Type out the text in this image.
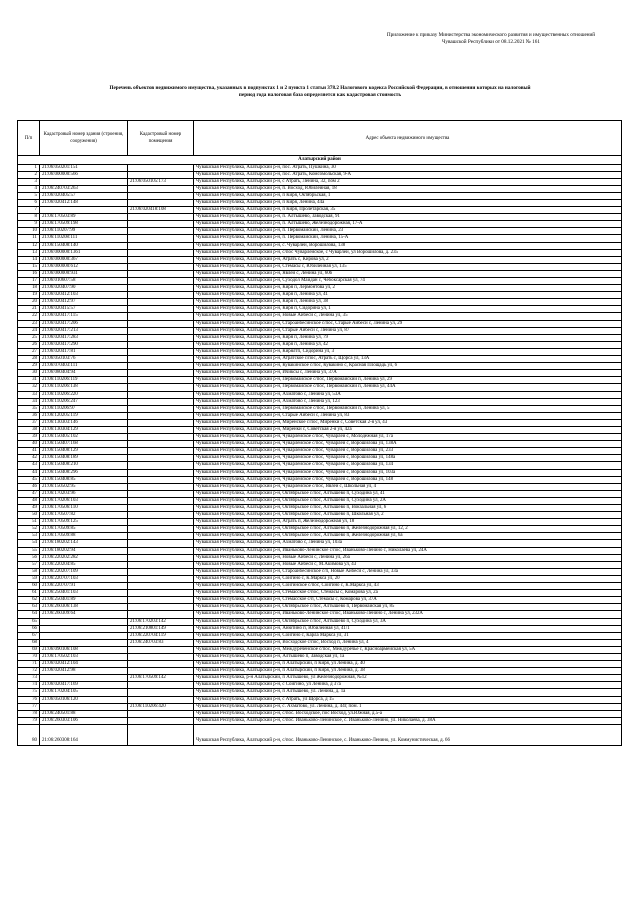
Приложение к приказу Министерства экономического развития и имущественных отношений
Чувашской Республики от 08.12.2021 № 161
Перечень объектов недвижимого имущества, указанных в подпунктах 1 и 2 пункта 1 статьи 378.2 Налогового кодекса Российской Федерации, в отношении которых на налоговый
период года налоговая база определяется как кадастровая стоимость
П/п	Кадастровый номер здания (строения, сооружения)	Кадастровый номер помещения	Адрес объекта недвижимого имущества
Алатырский район			
1	21:06:050201:151		Чувашская Республика, Алатырский р-н, пос. Атрать, Пушкина, 30
2	21:06:000000:566		Чувашская Республика, Алатырский р-н, пос. Атрать, Комсомольская, 9-А
3		21:06:050105:173	Чувашская Республика, Алатырский р-н, с Атрать, Ленина, 32, пом 2
4	21:06:240703:263		Чувашская Республика, Алатырский р-н, п. Восход, Юбилейная, 18
5	21:06:020405:57		Чувашская Республика, Алатырский р-н, п Киря, Октябрьская, 1
6	21:06:020412:148		Чувашская Республика, Алатырский р-н, п Киря, Ленина, 44а
7		21:06:020418:108	Чувашская Республика, Алатырский р-н, п Киря, Пролетарская, 35
8	21:06:170503:89		Чувашская Республика, Алатырский р-н, п. Алтышево, Заводская, 91
9	21:06:170509:198		Чувашская Республика, Алатырский р-н, п. Алтышево, Железнодорожная, 17-А
10	21:06:110207:99		Чувашская Республика, Алатырский р-н, п. Первомайский, Ленина, 23
11	21:06:110208:111		Чувашская Республика, Алатырский р-н, п. Первомайский, Ленина, 15-А
12	21:06:150408:140		Чувашская Республика, Алатырский р-н, с. Чуварлеи, Ворошилова, 138
13	21:06:000000:1361		Чувашская Республика, Алатырский р-н, с/пос Чуварлейское, с Чуварлеи, ул Ворошилова, д. 235
14	21:06:000000:367		Чувашская Республика, Алатырский р-н, Атрать с, Кирова ул, 2
15	21:06:000000:612		Чувашская Республика, Алатырский р-н, Стемасы с, Юбилейная ул, 135
16	21:06:000000:931		Чувашская Республика, Алатырский р-н, Явлеи с, Ленина ул, 60б
17	21:06:010607:58		Чувашская Республика, Алатырский р-н, Суходол Майдан с, Чебоксарская ул, 74
18	21:06:020407:90		Чувашская Республика, Алатырский р-н, Киря п, Лермонтова ул, 2
19	21:06:020412:103		Чувашская Республика, Алатырский р-н, Киря п, Ленина ул, 41
20	21:06:020412:97		Чувашская Республика, Алатырский р-н, Киря п, Ленина ул, 38
21	21:06:020415:57		Чувашская Республика, Алатырский р-н, Киря п, Сидорина ул, 1
22	21:06:020417:115		Чувашская Республика, Алатырский р-н, Новые Айбеси с, Ленина ул, 35
23	21:06:020417:206		Чувашская Республика, Алатырский р-н, Староайбесинское с/пос, Старые Айбеси с, Ленина ул, 29
24	21:06:020417:213		Чувашская Республика, Алатырский р-н, Старые Айбеси с, Ленина ул, 87
25	21:06:020417:283		Чувашская Республика, Алатырский р-н, Киря п, Ленина ул, 79
26	21:06:020417:290		Чувашская Республика, Алатырский р-н, Киря п, Ленина ул, 42
27	21:06:020417:81		Чувашская Республика, Алатырский р-н, Кирялтп, Сидорина ул, 3
28	21:06:050103:76		Чувашская Республика, Алатырский р-н, Атратское с/пос, Атрать с, Щорса ул, 13А
29	21:06:070403:111		Чувашская Республика, Алатырский р-н, Кувакинское с/пос, Кувакино с, Красная Площадь ул, 6
30	21:06:080404:94		Чувашская Республика, Алатырский р-н, Ичиксы с, Ленина ул, 37А
31	21:06:110206:119		Чувашская Республика, Алатырский р-н, Первомайское с/пос, Первомайский п, Ленина ул, 29
32	21:06:110206:138		Чувашская Республика, Алатырский р-н, Первомайское с/пос, Первомайский п, Ленина ул, 44А
33	21:06:110206:220		Чувашская Республика, Алатырский р-н, Ахматово с, Ленина ул, 53А
34	21:06:110206:247		Чувашская Республика, Алатырский р-н, Ахматово с, Ленина ул, 123
35	21:06:110206:97		Чувашская Республика, Алатырский р-н, Первомайское с/пос, Первомайский п, Ленина ул, 5
36	21:06:120205:119		Чувашская Республика, Алатырский р-н, Старые Айбеси с, Ленина ул, 83
37	21:06:130303:146		Чувашская Республика, Алатырский р-н, Миренское с/пос, Миренки с, Советская 2-я ул, 43
38	21:06:130304:129		Чувашская Республика, Алатырский р-н, Миренки с, Советская 2-я ул, 42а
39	21:06:150405:102		Чувашская Республика, Алатырский р-н, Чуварлейское с/пос, Чуварлеи с, Молодежная ул, 17а
40	21:06:150407:168		Чувашская Республика, Алатырский р-н, Чуварлейское с/пос, Чуварлеи с, Ворошилова ул, 138А
41	21:06:150408:129		Чувашская Республика, Алатырский р-н, Чуварлейское с/пос, Чуварлеи с, Ворошилова ул, 233
42	21:06:150408:189		Чувашская Республика, Алатырский р-н, Чуварлейское с/пос, Чуварлеи с, Ворошилова ул, 148а
43	21:06:150408:210		Чувашская Республика, Алатырский р-н, Чуварлейское с/пос, Чуварлеи с, Ворошилова ул, 134
44	21:06:150408:296		Чувашская Республика, Алатырский р-н, Чуварлейское с/пос, Чуварлеи с, Ворошилова ул, 103а
45	21:06:150408:85		Чувашская Республика, Алатырский р-н, Чуварлейское с/пос, Чуварлеи с, Ворошилова ул, 148
46	21:06:150502:95		Чувашская Республика, Алатырский р-н, Чуварлейское с/пос, Явлеи с, Школьная ул, 4
47	21:06:170203:96		Чувашская Республика, Алатырский р-н, Октябрьское с/пос, Алтышево п, Суходина ул, 41
48	21:06:170206:103		Чувашская Республика, Алатырский р-н, Октябрьское с/пос, Алтышево п, Суходина ул, 2А
49	21:06:170506:110		Чувашская Республика, Алатырский р-н, Октябрьское с/пос, Алтышево п, Вокзальная ул, 6
50	21:06:170507:82		Чувашская Республика, Алатырский р-н, Октябрьское с/пос, Алтышево п, Школьная ул, 2
51	21:06:170509:125		Чувашская Республика, Алатырский р-н, Атрать п, Железнодорожная ул, 18
52	21:06:170509:85		Чувашская Республика, Алатырский р-н, Октябрьское с/пос, Алтышево п, Железнодорожная ул, 12, 2
53	21:06:170509:88		Чувашская Республика, Алатырский р-н, Октябрьское с/пос, Алтышево п, Железнодорожная ул, 6а
54	21:06:180202:143		Чувашская Республика, Алатырский р-н, Ахматово с, Ленина ул, 103а
55	21:06:180202:94		Чувашская Республика, Алатырский р-н, Иваньково-Ленинское с/пос, Иваньково-Ленино с, Николаева ул, 24А
56	21:06:220202:282		Чувашская Республика, Алатырский р-н, Новые Айбеси с, Ленина ул, 26а
57	21:06:220204:85		Чувашская Республика, Алатырский р-н, Новые Айбеси с, М.Акимова ул, 43
58	21:06:220207:109		Чувашская Республика, Алатырский р-н, Стаpoaйбесинское с/п, Новые Айбеси с, Ленина ул, 33а
59	21:06:220707:103		Чувашская Республика, Алатырский р-н, Сойгино с, К.Маркса ул, 20
60	21:06:220707:91		Чувашская Республика, Алатырский р-н, Сойгинское с/пос, Сойгино с, К.Маркса ул, 43
61	21:06:250401:103		Чувашская Республика, Алатырский р-н, Стемасское с/пос, Стемасы с, Комарова ул, 2а
62	21:06:250401:89		Чувашская Республика, Алатырский р-н, Стемасское с/п, Стемасы с, Комарова ул, 37А
63	21:06:260306:138		Чувашская Республика, Алатырский р-н, Октябрьское с/пос, Алтышево п, Первомайская ул, 85
64	21:06:260309:64		Чувашская Республика, Алатырский р-н, Иваньково-Ленинское с/пос, Иваньково-Ленино с, Ленина ул, 232А
65		21:06:170203:142	Чувашская Республика, Алатырский р-н, Октябрьское с/пос, Алтышево п, Суходина ул, 3А
66		21:06:210801:149	Чувашская Республика, Алатырский р-н, Анютино п, Юбилейная ул, 41/1
67		21:06:220704:119	Чувашская Республика, Алатырский р-н, Сойгино с, Карла Маркса ул, 31
68		21:06:240703:83	Чувашская Республика, Алатырский р-н, Восходское с/пос, Восход п, Ленина ул, 4
69	21:06:090106:108		Чувашская Республика, Алатырский р-н, Междуреченское с/пос, Междуречье с, Красноармейская ул, 5А
70	21:06:170502:103		Чувашская Республика, Алатырский р-н, Алтышево п, Заводская ул, 1а
71	21:06:020412:104		Чувашская Республика, Алатырский р-н, п Алатырский, п Киря, ул Ленина, д. 40
72	21:06:020412:98		Чувашская Республика, Алатырский р-н, п Алатырский, п Киря, ул Ленина, д. 38
73		21:06:170509:142	Чувашская Республика, р-н Алатырский, п Алтышево, ул Железнодорожная, №12
74	21:06:020417:169		Чувашская Республика, Алатырский р-н, с Сойгино, ул Ленина, д 37а
75	21:06:170204:105		Чувашская Республика, Алатырский р-н, п Алтышево, ул. Ленина, д. 1а
76	21:06:050106:120		Чувашская Республика, Алатырский р-н, с Атрать, ул Щорса, д 15
77		21:06:110206:420	Чувашская Республика, Алатырский р-н, с. Ахматово, ул. Ленина, д. 44г, пом. 1
78	21:06:240501:88		Чувашская Республика, Алатырский р-н, с/пос. Восходское, пос Восход, ул.Южная, д.5-а
79	21:06:260303:106		Чувашская Республика, Алатырский р-н, с/пос. Иваньково-Ленинское, с. Иваньково-Ленино, ул. Николаева, д. 38А
80	21:06:260308:164		Чувашская Республика, Алатырский р-н, с/пос. Иваньково-Ленинское, с. Иваньково-Ленино, ул. Коммунистическая, д. 66
